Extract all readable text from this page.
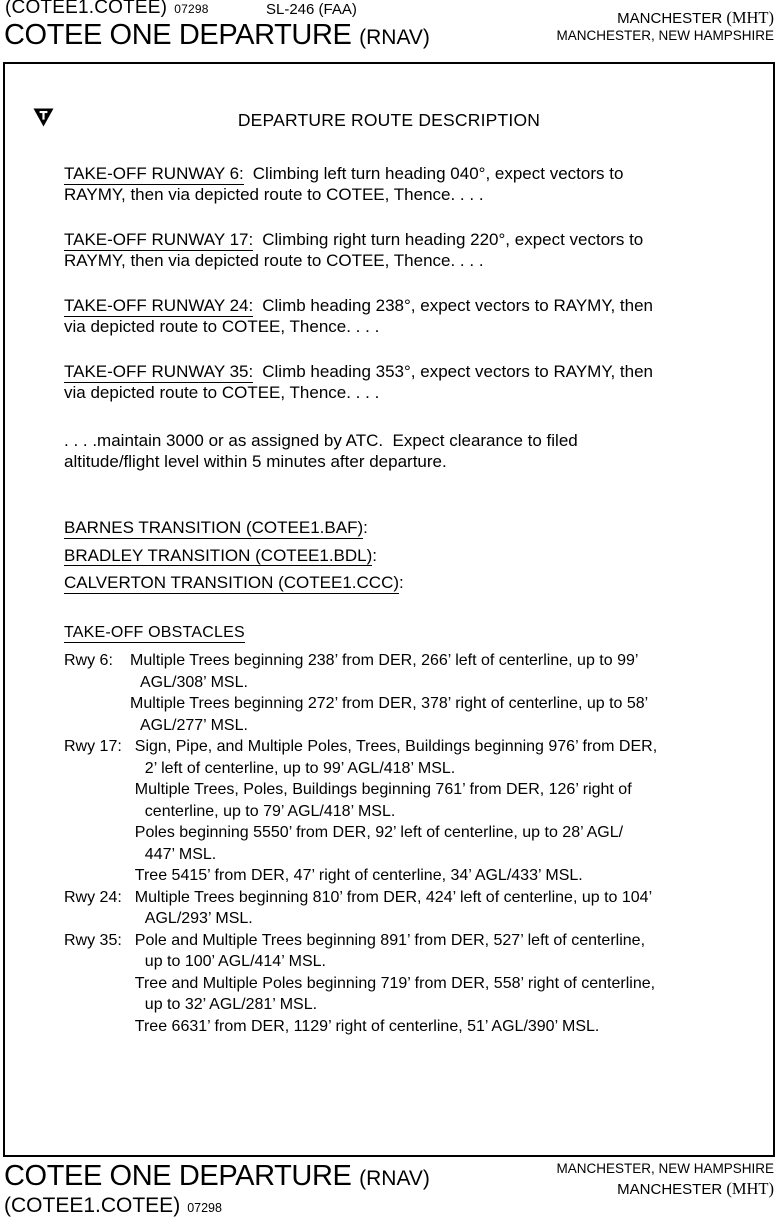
(COTEE1.COTEE) 07298	SL-246 (FAA)
COTEE ONE DEPARTURE (RNAV)
MANCHESTER (MHT)
MANCHESTER, NEW HAMPSHIRE
DEPARTURE ROUTE DESCRIPTION

TAKE-OFF RUNWAY 6: Climbing left turn heading 040°, expect vectors to
RAYMY, then via depicted route to COTEE, Thence. . . .

TAKE-OFF RUNWAY 17: Climbing right turn heading 220°, expect vectors to
RAYMY, then via depicted route to COTEE, Thence. . . .

TAKE-OFF RUNWAY 24: Climb heading 238°, expect vectors to RAYMY, then
via depicted route to COTEE, Thence. . . .

TAKE-OFF RUNWAY 35: Climb heading 353°, expect vectors to RAYMY, then
via depicted route to COTEE, Thence. . . .

. . . .maintain 3000 or as assigned by ATC.  Expect clearance to filed
altitude/flight level within 5 minutes after departure.

BARNES TRANSITION (COTEE1.BAF):
BRADLEY TRANSITION (COTEE1.BDL):
CALVERTON TRANSITION (COTEE1.CCC):
TAKE-OFF OBSTACLES
Rwy 6: Multiple Trees beginning 238’ from DER, 266’ left of centerline, up to 99’
AGL/308’ MSL.
Multiple Trees beginning 272’ from DER, 378’ right of centerline, up to 58’
AGL/277’ MSL.
Rwy 17: Sign, Pipe, and Multiple Poles, Trees, Buildings beginning 976’ from DER,
2’ left of centerline, up to 99’ AGL/418’ MSL.
Multiple Trees, Poles, Buildings beginning 761’ from DER, 126’ right of
centerline, up to 79’ AGL/418’ MSL.
Poles beginning 5550’ from DER, 92’ left of centerline, up to 28’ AGL/
447’ MSL.
Tree 5415’ from DER, 47’ right of centerline, 34’ AGL/433’ MSL.
Rwy 24: Multiple Trees beginning 810’ from DER, 424’ left of centerline, up to 104’
AGL/293’ MSL.
Rwy 35: Pole and Multiple Trees beginning 891’ from DER, 527’ left of centerline,
up to 100’ AGL/414’ MSL.
Tree and Multiple Poles beginning 719’ from DER, 558’ right of centerline,
up to 32’ AGL/281’ MSL.
Tree 6631’ from DER, 1129’ right of centerline, 51’ AGL/390’ MSL.
COTEE ONE DEPARTURE (RNAV)
(COTEE1.COTEE) 07298
MANCHESTER, NEW HAMPSHIRE
MANCHESTER (MHT)
